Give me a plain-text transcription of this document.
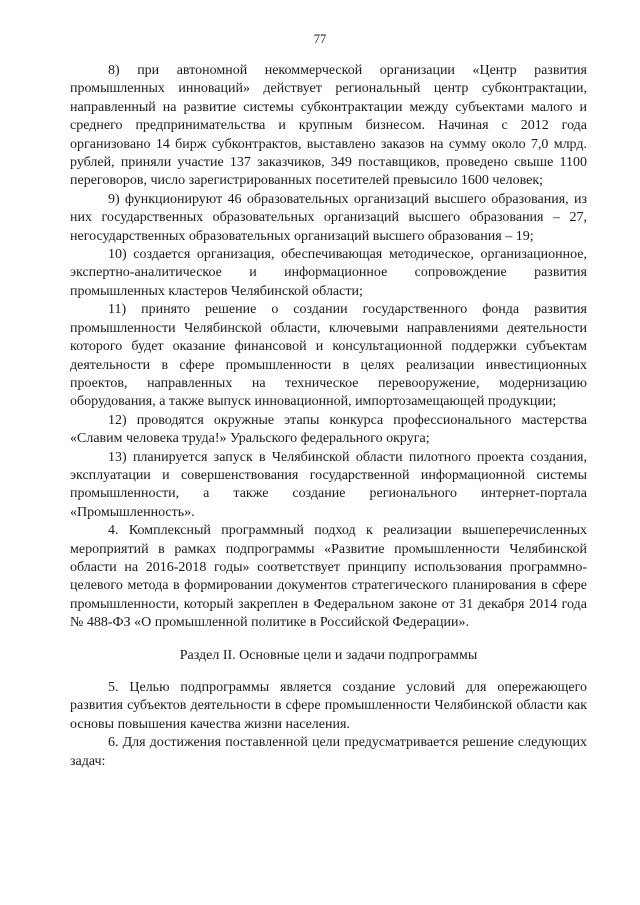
77

8) при автономной некоммерческой организации «Центр развития промышленных инноваций» действует региональный центр субконтрактации, направленный на развитие системы субконтрактации между субъектами малого и среднего предпринимательства и крупным бизнесом. Начиная с 2012 года организовано 14 бирж субконтрактов, выставлено заказов на сумму около 7,0 млрд. рублей, приняли участие 137 заказчиков, 349 поставщиков, проведено свыше 1100 переговоров, число зарегистрированных посетителей превысило 1600 человек;

9) функционируют 46 образовательных организаций высшего образования, из них государственных образовательных организаций высшего образования – 27, негосударственных образовательных организаций высшего образования – 19;

10) создается организация, обеспечивающая методическое, организационное, экспертно-аналитическое и информационное сопровождение развития промышленных кластеров Челябинской области;

11) принято решение о создании государственного фонда развития промышленности Челябинской области, ключевыми направлениями деятельности которого будет оказание финансовой и консультационной поддержки субъектам деятельности в сфере промышленности в целях реализации инвестиционных проектов, направленных на техническое перевооружение, модернизацию оборудования, а также выпуск инновационной, импортозамещающей продукции;

12) проводятся окружные этапы конкурса профессионального мастерства «Славим человека труда!» Уральского федерального округа;

13) планируется запуск в Челябинской области пилотного проекта создания, эксплуатации и совершенствования государственной информационной системы промышленности, а также создание регионального интернет-портала «Промышленность».

4. Комплексный программный подход к реализации вышеперечисленных мероприятий в рамках подпрограммы «Развитие промышленности Челябинской области на 2016-2018 годы» соответствует принципу использования программно-целевого метода в формировании документов стратегического планирования в сфере промышленности, который закреплен в Федеральном законе от 31 декабря 2014 года № 488-ФЗ «О промышленной политике в Российской Федерации».

Раздел II. Основные цели и задачи подпрограммы

5. Целью подпрограммы является создание условий для опережающего развития субъектов деятельности в сфере промышленности Челябинской области как основы повышения качества жизни населения.

6. Для достижения поставленной цели предусматривается решение следующих задач:
